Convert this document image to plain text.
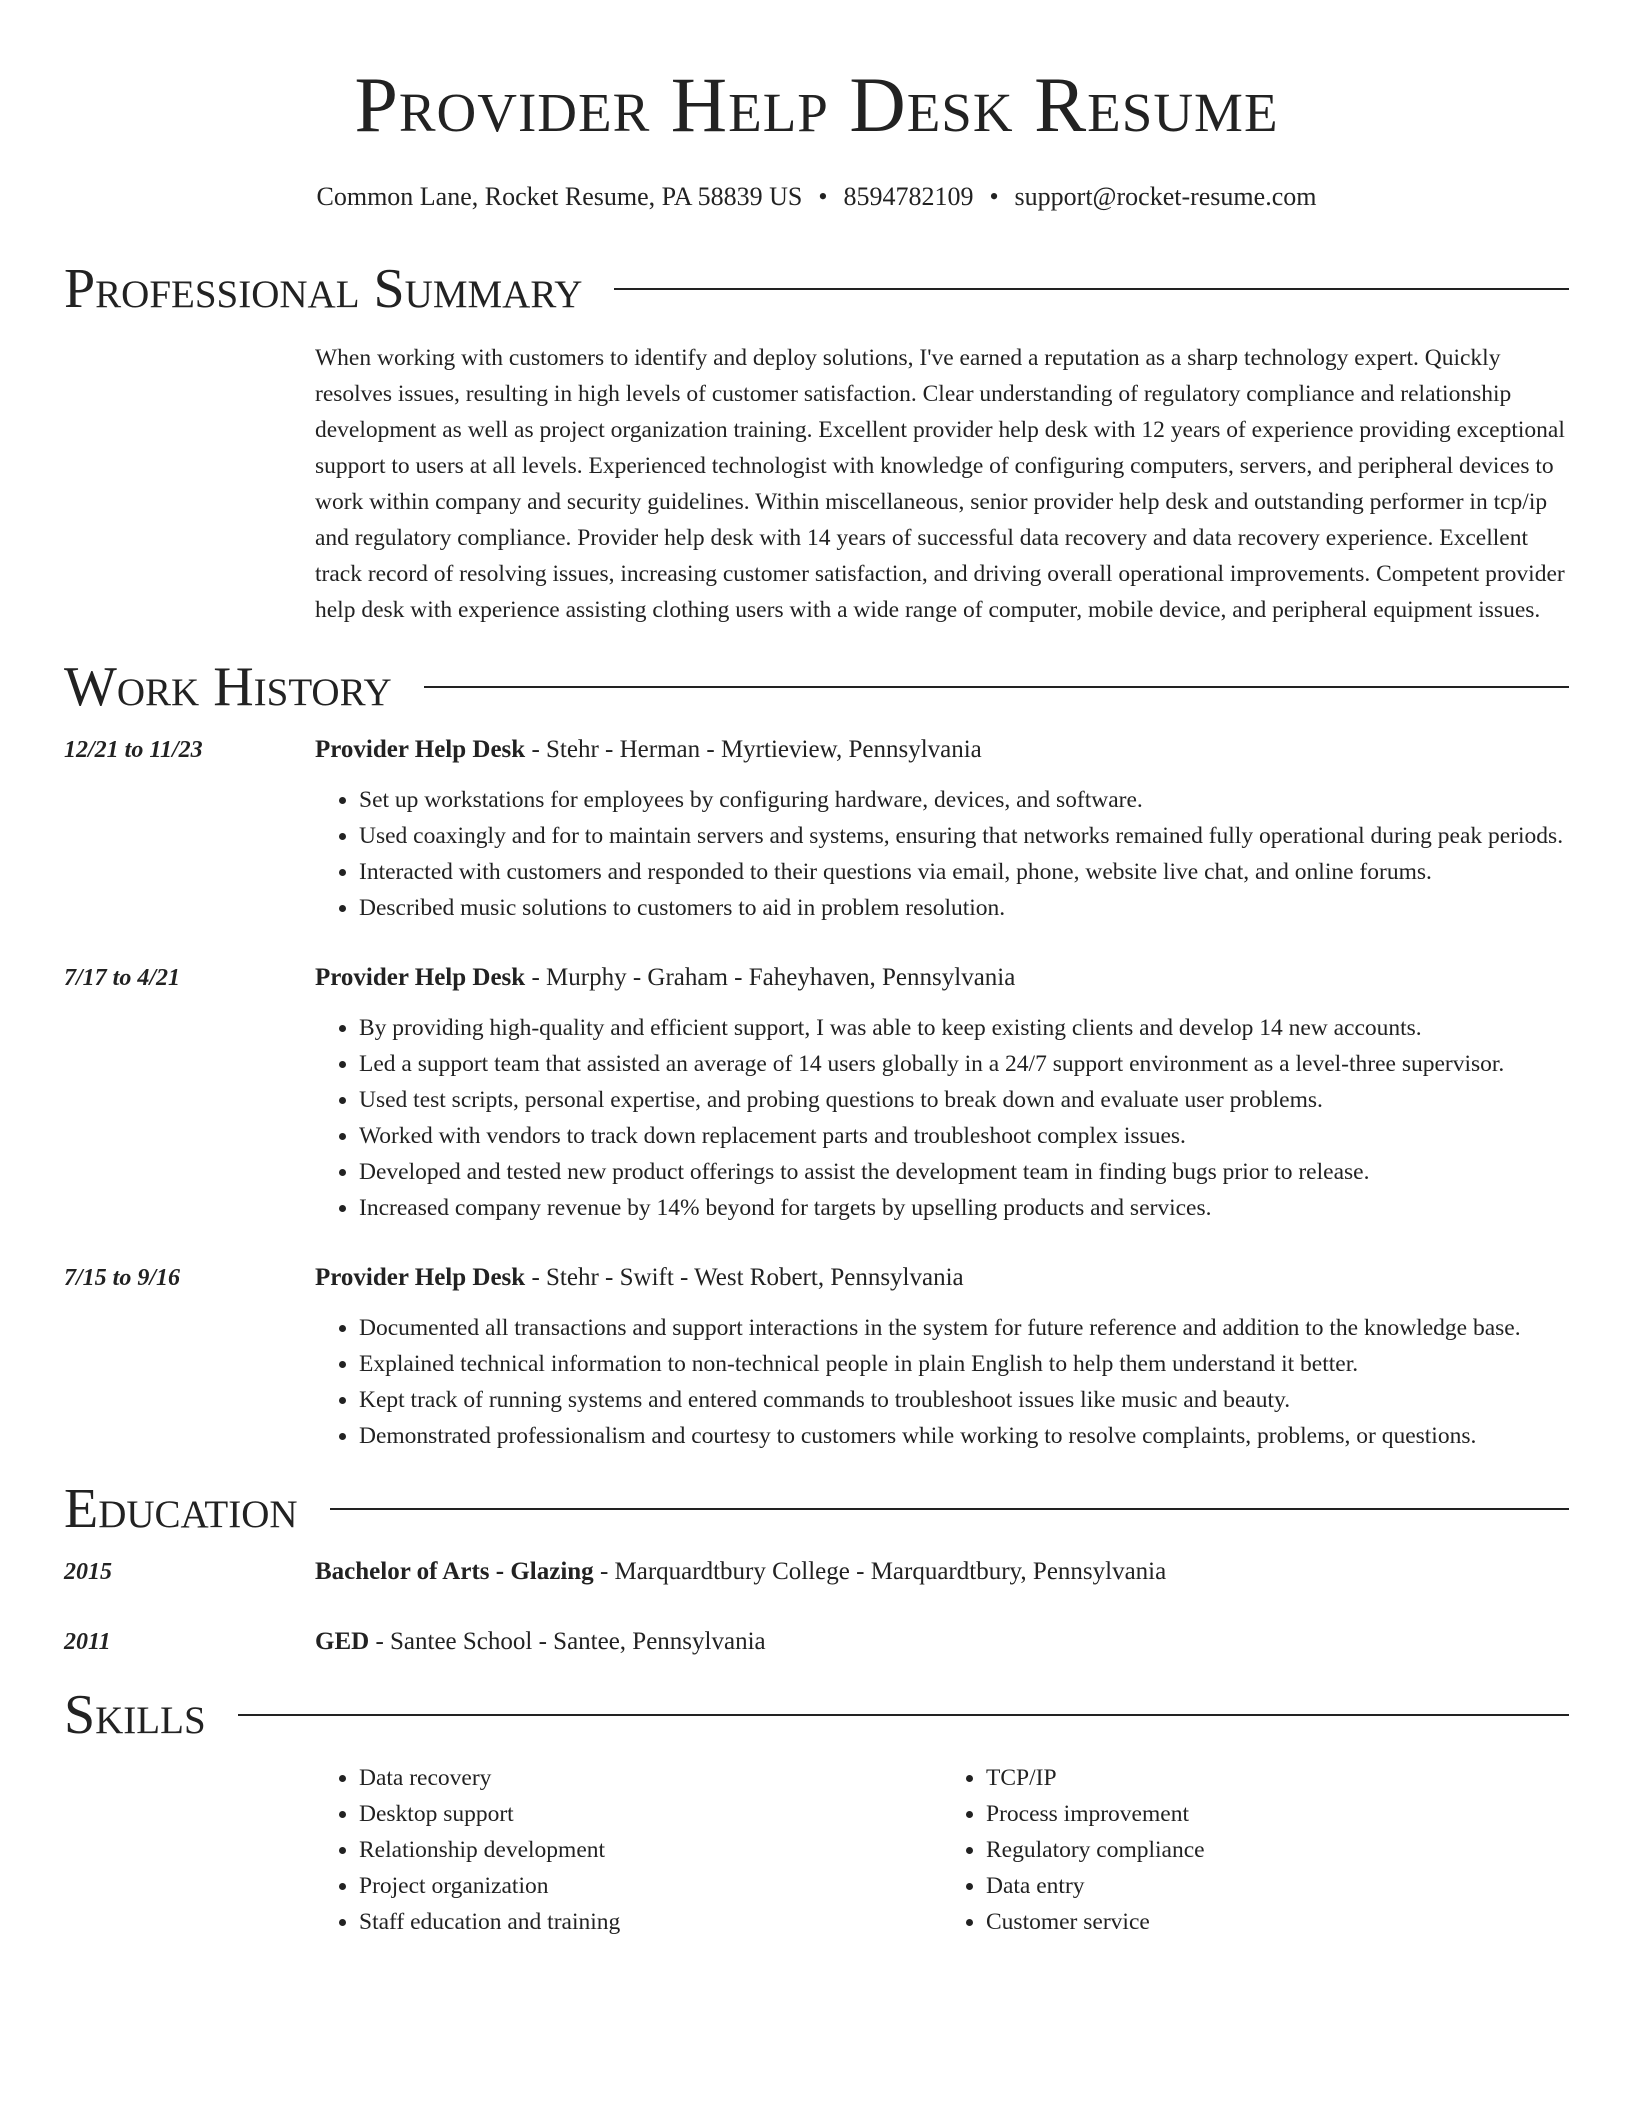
Provider Help Desk Resume
Common Lane, Rocket Resume, PA 58839 US • 8594782109 • support@rocket-resume.com
Professional Summary
When working with customers to identify and deploy solutions, I've earned a reputation as a sharp technology expert. Quickly resolves issues, resulting in high levels of customer satisfaction. Clear understanding of regulatory compliance and relationship development as well as project organization training. Excellent provider help desk with 12 years of experience providing exceptional support to users at all levels. Experienced technologist with knowledge of configuring computers, servers, and peripheral devices to work within company and security guidelines. Within miscellaneous, senior provider help desk and outstanding performer in tcp/ip and regulatory compliance. Provider help desk with 14 years of successful data recovery and data recovery experience. Excellent track record of resolving issues, increasing customer satisfaction, and driving overall operational improvements. Competent provider help desk with experience assisting clothing users with a wide range of computer, mobile device, and peripheral equipment issues.
Work History
12/21 to 11/23	Provider Help Desk - Stehr - Herman - Myrtieview, Pennsylvania
• Set up workstations for employees by configuring hardware, devices, and software.
• Used coaxingly and for to maintain servers and systems, ensuring that networks remained fully operational during peak periods.
• Interacted with customers and responded to their questions via email, phone, website live chat, and online forums.
• Described music solutions to customers to aid in problem resolution.
7/17 to 4/21	Provider Help Desk - Murphy - Graham - Faheyhaven, Pennsylvania
• By providing high-quality and efficient support, I was able to keep existing clients and develop 14 new accounts.
• Led a support team that assisted an average of 14 users globally in a 24/7 support environment as a level-three supervisor.
• Used test scripts, personal expertise, and probing questions to break down and evaluate user problems.
• Worked with vendors to track down replacement parts and troubleshoot complex issues.
• Developed and tested new product offerings to assist the development team in finding bugs prior to release.
• Increased company revenue by 14% beyond for targets by upselling products and services.
7/15 to 9/16	Provider Help Desk - Stehr - Swift - West Robert, Pennsylvania
• Documented all transactions and support interactions in the system for future reference and addition to the knowledge base.
• Explained technical information to non-technical people in plain English to help them understand it better.
• Kept track of running systems and entered commands to troubleshoot issues like music and beauty.
• Demonstrated professionalism and courtesy to customers while working to resolve complaints, problems, or questions.
Education
2015	Bachelor of Arts - Glazing - Marquardtbury College - Marquardtbury, Pennsylvania
2011	GED - Santee School - Santee, Pennsylvania
Skills
• Data recovery
• Desktop support
• Relationship development
• Project organization
• Staff education and training
• TCP/IP
• Process improvement
• Regulatory compliance
• Data entry
• Customer service
